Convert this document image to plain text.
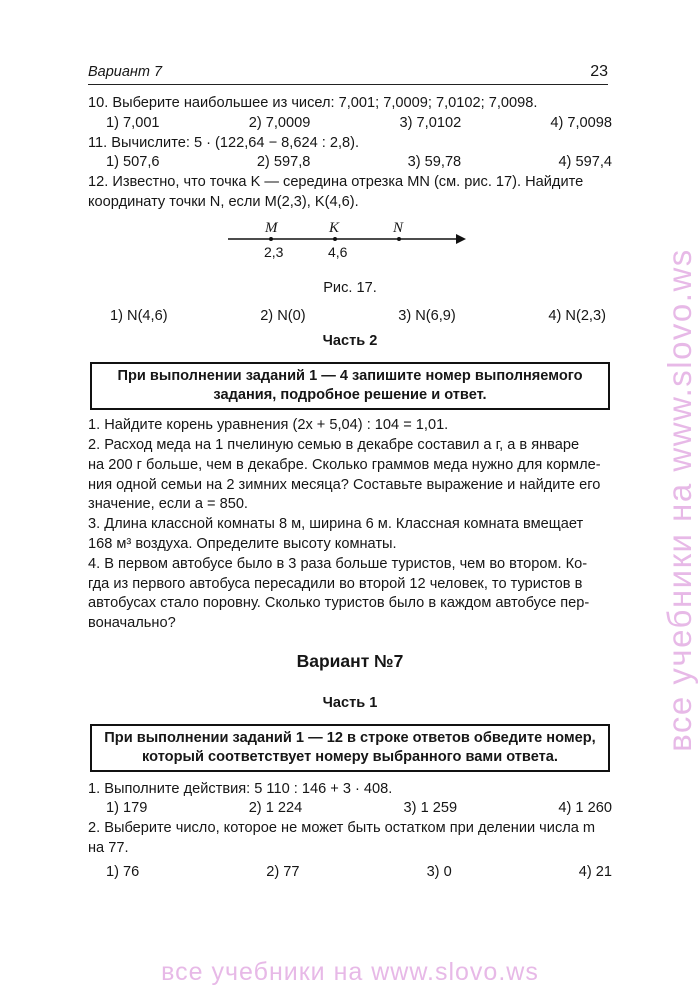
Вариант 7	23
10. Выберите наибольшее из чисел: 7,001; 7,0009; 7,0102; 7,0098.
1) 7,001	2) 7,0009	3) 7,0102	4) 7,0098
11. Вычислите: 5 · (122,64 − 8,624 : 2,8).
1) 507,6	2) 597,8	3) 59,78	4) 597,4
12. Известно, что точка K — середина отрезка MN (см. рис. 17). Найдите
координату точки N, если M(2,3), K(4,6).
M	K	N
2,3	4,6
Рис. 17.
1) N(4,6)	2) N(0)	3) N(6,9)	4) N(2,3)
Часть 2
При выполнении заданий 1 — 4 запишите номер выполняемого
задания, подробное решение и ответ.
1. Найдите корень уравнения (2x + 5,04) : 104 = 1,01.
2. Расход меда на 1 пчелиную семью в декабре составил a г, а в январе
на 200 г больше, чем в декабре. Сколько граммов меда нужно для кормле-
ния одной семьи на 2 зимних месяца? Составьте выражение и найдите его
значение, если a = 850.
3. Длина классной комнаты 8 м, ширина 6 м. Классная комната вмещает
168 м³ воздуха. Определите высоту комнаты.
4. В первом автобусе было в 3 раза больше туристов, чем во втором. Ко-
гда из первого автобуса пересадили во второй 12 человек, то туристов в
автобусах стало поровну. Сколько туристов было в каждом автобусе пер-
воначально?
Вариант №7
Часть 1
При выполнении заданий 1 — 12 в строке ответов обведите номер,
который соответствует номеру выбранного вами ответа.
1. Выполните действия: 5 110 : 146 + 3 · 408.
1) 179	2) 1 224	3) 1 259	4) 1 260
2. Выберите число, которое не может быть остатком при делении числа m
на 77.
1) 76	2) 77	3) 0	4) 21
все учебники на www.slovo.ws
все учебники на www.slovo.ws
